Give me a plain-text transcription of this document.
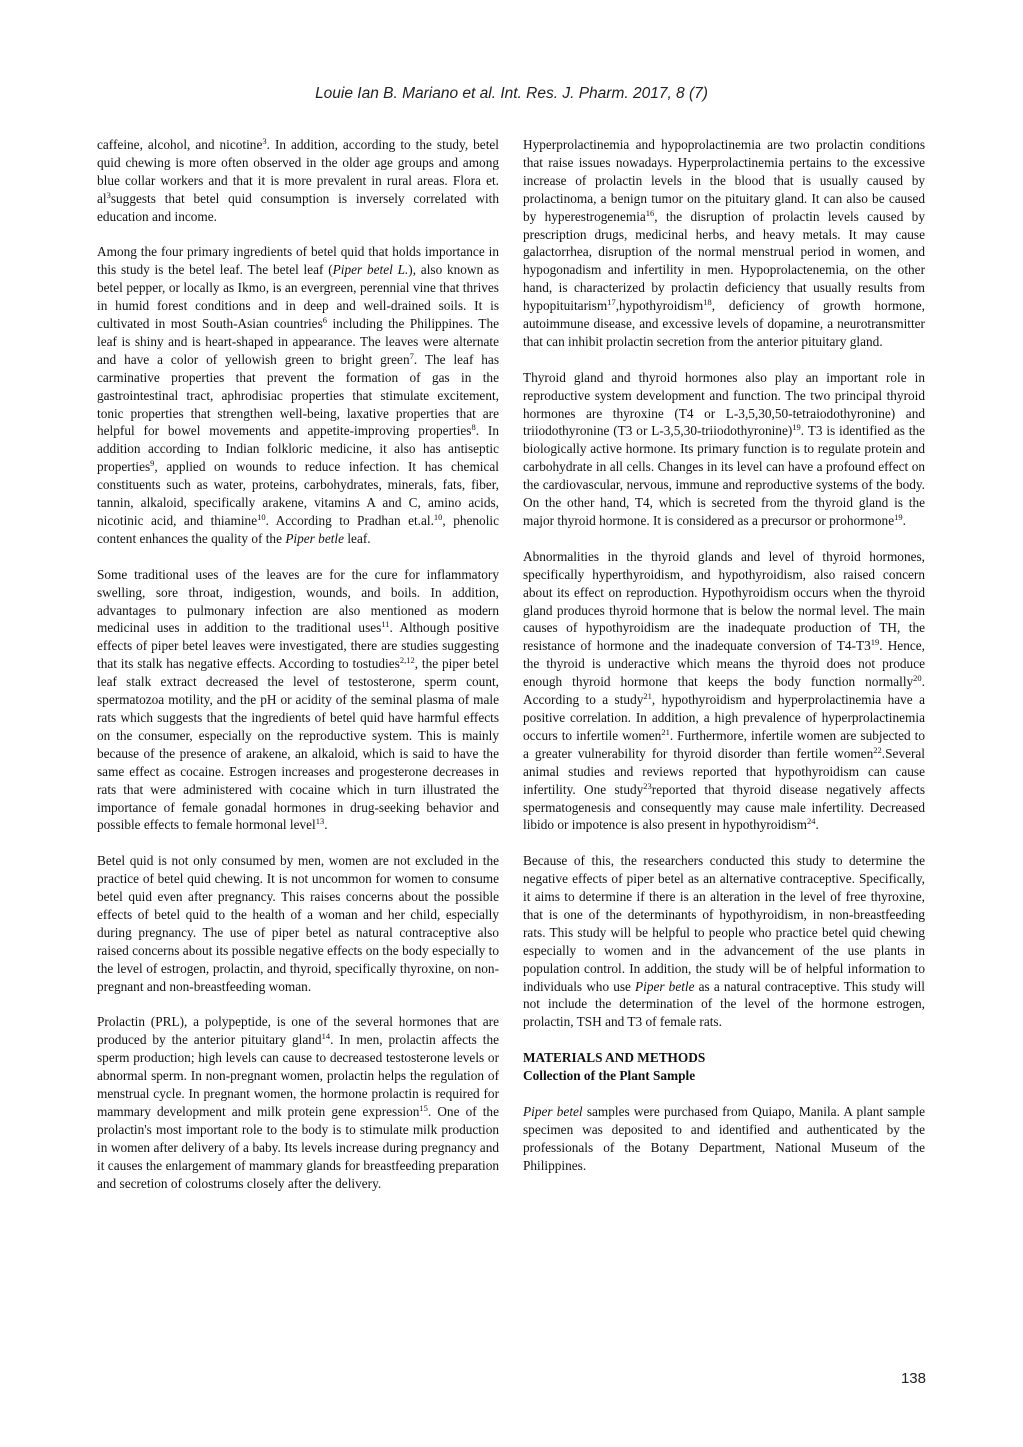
Louie Ian B. Mariano et al. Int. Res. J. Pharm. 2017, 8 (7)

caffeine, alcohol, and nicotine$^3$. In addition, according to the study, betel quid chewing is more often observed in the older age groups and among blue collar workers and that it is more prevalent in rural areas. Flora et. $al^3suggests$ that betel quid consumption is inversely correlated with education and income.

Among the four primary ingredients of betel quid that holds importance in this study is the betel leaf. The betel leaf (Piper betel L.), also known as betel pepper, or locally as Ikmo, is an evergreen, perennial vine that thrives in humid forest conditions and in deep and well-drained soils. It is cultivated in most South-Asian countries$^6$ including the Philippines. The leaf is shiny and is heart-shaped in appearance. The leaves were alternate and have a color of yellowish green to bright green$^7$. The leaf has carminative properties that prevent the formation of gas in the gastrointestinal tract, aphrodisiac properties that stimulate excitement, tonic properties that strengthen well-being, laxative properties that are helpful for bowel movements and appetite-improving properties$^8$. In addition according to Indian folkloric medicine, it also has antiseptic properties$^9$, applied on wounds to reduce infection. It has chemical constituents such as water, proteins, carbohydrates, minerals, fats, fiber, tannin, alkaloid, specifically arakene, vitamins A and C, amino acids, nicotinic acid, and thiamine$^{10}$. According to Pradhan et.al.$^{10}$, phenolic content enhances the quality of the Piper betle leaf.

Some traditional uses of the leaves are for the cure for inflammatory swelling, sore throat, indigestion, wounds, and boils. In addition, advantages to pulmonary infection are also mentioned as modern medicinal uses in addition to the traditional uses$^{11}$. Although positive effects of piper betel leaves were investigated, there are studies suggesting that its stalk has negative effects. According to tostudies$^{2,12}$, the piper betel leaf stalk extract decreased the level of testosterone, sperm count, spermatozoa motility, and the pH or acidity of the seminal plasma of male rats which suggests that the ingredients of betel quid have harmful effects on the consumer, especially on the reproductive system. This is mainly because of the presence of arakene, an alkaloid, which is said to have the same effect as cocaine. Estrogen increases and progesterone decreases in rats that were administered with cocaine which in turn illustrated the importance of female gonadal hormones in drug-seeking behavior and possible effects to female hormonal level$^{13}$.

Betel quid is not only consumed by men, women are not excluded in the practice of betel quid chewing. It is not uncommon for women to consume betel quid even after pregnancy. This raises concerns about the possible effects of betel quid to the health of a woman and her child, especially during pregnancy. The use of piper betel as natural contraceptive also raised concerns about its possible negative effects on the body especially to the level of estrogen, prolactin, and thyroid, specifically thyroxine, on non-pregnant and non-breastfeeding woman.

Prolactin (PRL), a polypeptide, is one of the several hormones that are produced by the anterior pituitary gland$^{14}$. In men, prolactin affects the sperm production; high levels can cause to decreased testosterone levels or abnormal sperm. In non-pregnant women, prolactin helps the regulation of menstrual cycle. In pregnant women, the hormone prolactin is required for mammary development and milk protein gene expression$^{15}$. One of the prolactin's most important role to the body is to stimulate milk production in women after delivery of a baby. Its levels increase during pregnancy and it causes the enlargement of mammary glands for breastfeeding preparation and secretion of colostrums closely after the delivery.

Hyperprolactinemia and hypoprolactinemia are two prolactin conditions that raise issues nowadays. Hyperprolactinemia pertains to the excessive increase of prolactin levels in the blood that is usually caused by prolactinoma, a benign tumor on the pituitary gland. It can also be caused by hyperestrogenemia$^{16}$, the disruption of prolactin levels caused by prescription drugs, medicinal herbs, and heavy metals. It may cause galactorrhea, disruption of the normal menstrual period in women, and hypogonadism and infertility in men. Hypoprolactenemia, on the other hand, is characterized by prolactin deficiency that usually results from hypopituitarism$^{17}$,hypothyroidism$^{18}$, deficiency of growth hormone, autoimmune disease, and excessive levels of dopamine, a neurotransmitter that can inhibit prolactin secretion from the anterior pituitary gland.

Thyroid gland and thyroid hormones also play an important role in reproductive system development and function. The two principal thyroid hormones are thyroxine (T4 or L-3,5,30,50-tetraiodothyronine) and triiodothyronine (T3 or L-3,5,30-triiodothyronine)$^{19}$. T3 is identified as the biologically active hormone. Its primary function is to regulate protein and carbohydrate in all cells. Changes in its level can have a profound effect on the cardiovascular, nervous, immune and reproductive systems of the body. On the other hand, T4, which is secreted from the thyroid gland is the major thyroid hormone. It is considered as a precursor or prohormone$^{19}$.

Abnormalities in the thyroid glands and level of thyroid hormones, specifically hyperthyroidism, and hypothyroidism, also raised concern about its effect on reproduction. Hypothyroidism occurs when the thyroid gland produces thyroid hormone that is below the normal level. The main causes of hypothyroidism are the inadequate production of TH, the resistance of hormone and the inadequate conversion of $T4-T3^{19}$. Hence, the thyroid is underactive which means the thyroid does not produce enough thyroid hormone that keeps the body function normally$^{20}$. According to a study$^{21}$, hypothyroidism and hyperprolactinemia have a positive correlation. In addition, a high prevalence of hyperprolactinemia occurs to infertile women$^{21}$. Furthermore, infertile women are subjected to a greater vulnerability for thyroid disorder than fertile women$^{22}$.Several animal studies and reviews reported that hypothyroidism can cause infertility. One study$^{23}$reported that thyroid disease negatively affects spermatogenesis and consequently may cause male infertility. Decreased libido or impotence is also present in hypothyroidism$^{24}$.

Because of this, the researchers conducted this study to determine the negative effects of piper betel as an alternative contraceptive. Specifically, it aims to determine if there is an alteration in the level of free thyroxine, that is one of the determinants of hypothyroidism, in non-breastfeeding rats. This study will be helpful to people who practice betel quid chewing especially to women and in the advancement of the use plants in population control. In addition, the study will be of helpful information to individuals who use Piper betle as a natural contraceptive. This study will not include the determination of the level of the hormone estrogen, prolactin, TSH and T3 of female rats.

MATERIALS AND METHODS

Collection of the Plant Sample

Piper betel samples were purchased from Quiapo, Manila. A plant sample specimen was deposited to and identified and authenticated by the professionals of the Botany Department, National Museum of the Philippines.

138
